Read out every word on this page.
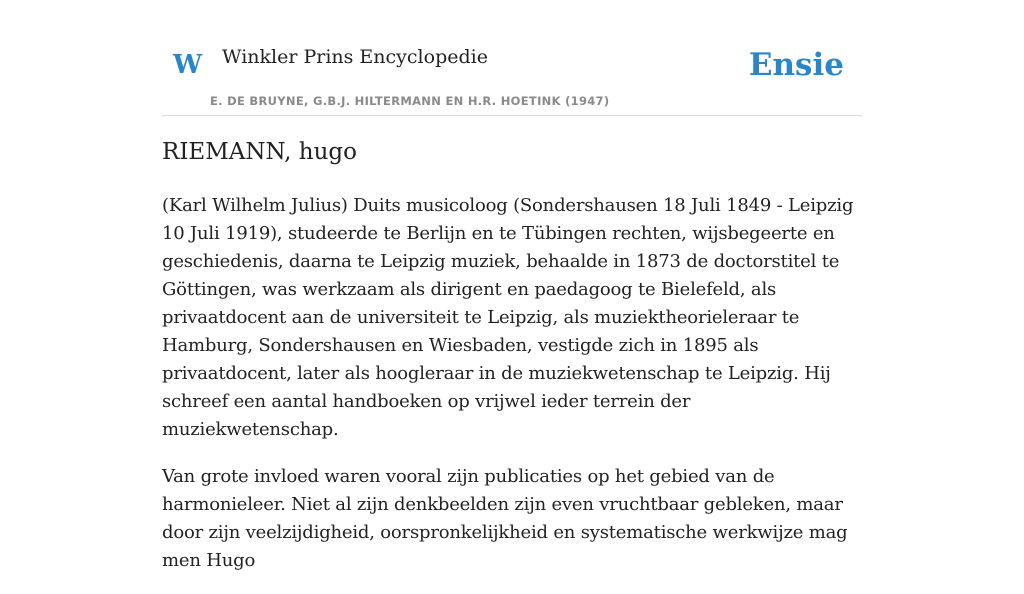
W Winkler Prins Encyclopedie
E. DE BRUYNE, G.B.J. HILTERMANN EN H.R. HOETINK (1947)
Ensie
RIEMANN, hugo

(Karl Wilhelm Julius) Duits musicoloog (Sondershausen 18 Juli 1849 - Leipzig 10 Juli 1919), studeerde te Berlijn en te Tübingen rechten, wijsbegeerte en geschiedenis, daarna te Leipzig muziek, behaalde in 1873 de doctorstitel te Göttingen, was werkzaam als dirigent en paedagoog te Bielefeld, als privaatdocent aan de universiteit te Leipzig, als muziektheorieleraar te Hamburg, Sondershausen en Wiesbaden, vestigde zich in 1895 als privaatdocent, later als hoogleraar in de muziekwetenschap te Leipzig. Hij schreef een aantal handboeken op vrijwel ieder terrein der muziekwetenschap.

Van grote invloed waren vooral zijn publicaties op het gebied van de harmonieleer. Niet al zijn denkbeelden zijn even vruchtbaar gebleken, maar door zijn veelzijdigheid, oorspronkelijkheid en systematische werkwijze mag men Hugo
